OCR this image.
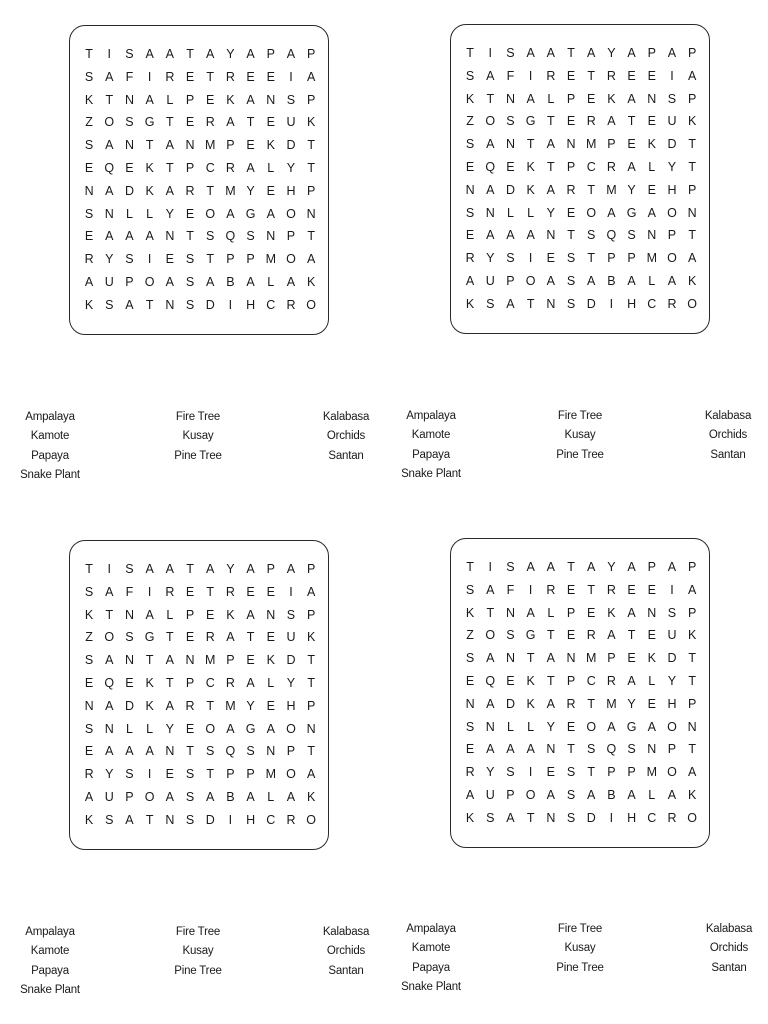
T	I	S A A T A Y A P A P
S A F	I	R E T R E E	I	A
K T N A	L	P E K A N S P
Z O S G T E R A T E U K
S A N T A N M P E K D T
E Q E K T P C R A	L	Y T
N A D K A R T M Y E H P
S N L	L	Y E O A G A O N
E A A A N T S Q S N P T
R Y S	I	E S T P P M O A
A U P O A S A B A	L	A K
K S A T N S D	I	H C R O
T	I	S A A T A Y A P A P
S A F	I	R E T R E E	I	A
K T N A	L	P E K A N S P
Z O S G T E R A T E U K
S A N T A N M P E K D T
E Q E K T P C R A	L	Y T
N A D K A R T M Y E H P
S N L	L	Y E O A G A O N
E A A A N T S Q S N P T
R Y S	I	E S T P P M O A
A U P O A S A B A	L	A K
K S A T N S D	I	H C R O
T	I	S A A T A Y A P A P
S A F	I	R E T R E E	I	A
K T N A	L	P E K A N S P
Z O S G T E R A T E U K
S A N T A N M P E K D T
E Q E K T P C R A	L	Y T
N A D K A R T M Y E H P
S N L	L	Y E O A G A O N
E A A A N T S Q S N P T
R Y S	I	E S T P P M O A
A U P O A S A B A	L	A K
K S A T N S D	I	H C R O
T	I	S A A T A Y A P A P
S A F	I	R E T R E E	I	A
K T N A	L	P E K A N S P
Z O S G T E R A T E U K
S A N T A N M P E K D T
E Q E K T P C R A	L	Y T
N A D K A R T M Y E H P
S N L	L	Y E O A G A O N
E A A A N T S Q S N P T
R Y S	I	E S T P P M O A
A U P O A S A B A	L	A K
K S A T N S D	I	H C R O
Ampalaya
Kamote
Papaya
Snake Plant
Fire Tree
Kusay
Pine Tree
Kalabasa
Orchids
Santan
Ampalaya
Kamote
Papaya
Snake Plant
Fire Tree
Kusay
Pine Tree
Kalabasa
Orchids
Santan
Ampalaya
Kamote
Papaya
Snake Plant
Fire Tree
Kusay
Pine Tree
Kalabasa
Orchids
Santan
Ampalaya
Kamote
Papaya
Snake Plant
Fire Tree
Kusay
Pine Tree
Kalabasa
Orchids
Santan
